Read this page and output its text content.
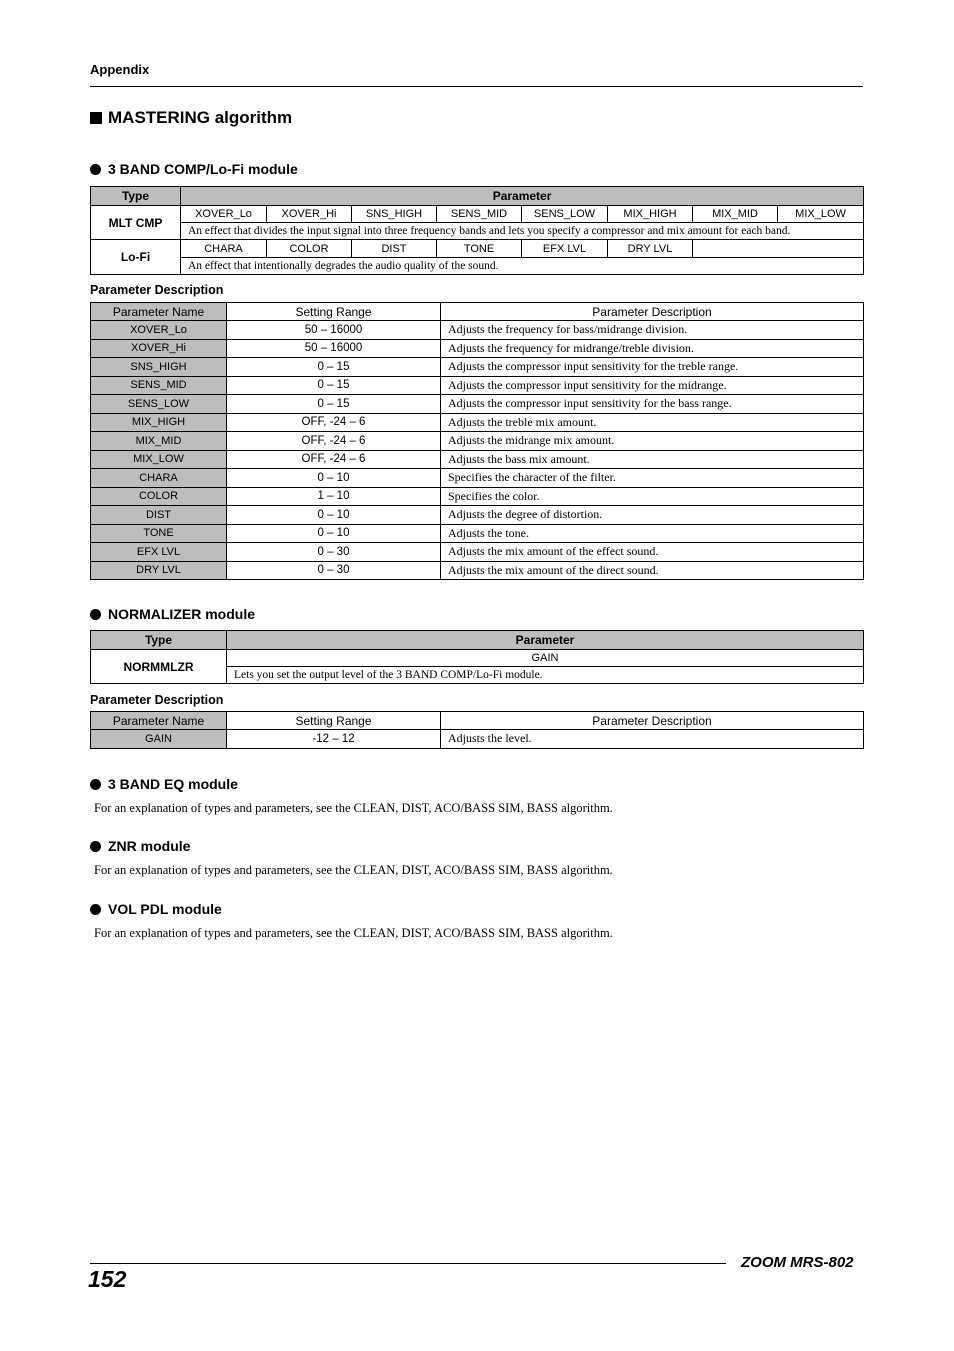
Appendix
MASTERING algorithm
3 BAND COMP/Lo-Fi module
Type	Parameter							
MLT CMP	XOVER_Lo	XOVER_Hi	SNS_HIGH	SENS_MID	SENS_LOW	MIX_HIGH	MIX_MID	MIX_LOW
	An effect that divides the input signal into three frequency bands and lets you specify a compressor and mix amount for each band.							
Lo-Fi	CHARA	COLOR	DIST	TONE	EFX LVL	DRY LVL		
	An effect that intentionally degrades the audio quality of the sound.							
Parameter Description
Parameter Name	Setting Range	Parameter Description
XOVER_Lo	50 – 16000	Adjusts the frequency for bass/midrange division.
XOVER_Hi	50 – 16000	Adjusts the frequency for midrange/treble division.
SNS_HIGH	0 – 15	Adjusts the compressor input sensitivity for the treble range.
SENS_MID	0 – 15	Adjusts the compressor input sensitivity for the midrange.
SENS_LOW	0 – 15	Adjusts the compressor input sensitivity for the bass range.
MIX_HIGH	OFF, -24 – 6	Adjusts the treble mix amount.
MIX_MID	OFF, -24 – 6	Adjusts the midrange mix amount.
MIX_LOW	OFF, -24 – 6	Adjusts the bass mix amount.
CHARA	0 – 10	Specifies the character of the filter.
COLOR	1 – 10	Specifies the color.
DIST	0 – 10	Adjusts the degree of distortion.
TONE	0 – 10	Adjusts the tone.
EFX LVL	0 – 30	Adjusts the mix amount of the effect sound.
DRY LVL	0 – 30	Adjusts the mix amount of the direct sound.
NORMALIZER module
Type	Parameter
NORMMLZR	GAIN
	Lets you set the output level of the 3 BAND COMP/Lo-Fi module.
Parameter Description
Parameter Name	Setting Range	Parameter Description
GAIN	-12 – 12	Adjusts the level.
3 BAND EQ module
For an explanation of types and parameters, see the CLEAN, DIST, ACO/BASS SIM, BASS algorithm.
ZNR module
For an explanation of types and parameters, see the CLEAN, DIST, ACO/BASS SIM, BASS algorithm.
VOL PDL module
For an explanation of types and parameters, see the CLEAN, DIST, ACO/BASS SIM, BASS algorithm.
ZOOM MRS-802
152
